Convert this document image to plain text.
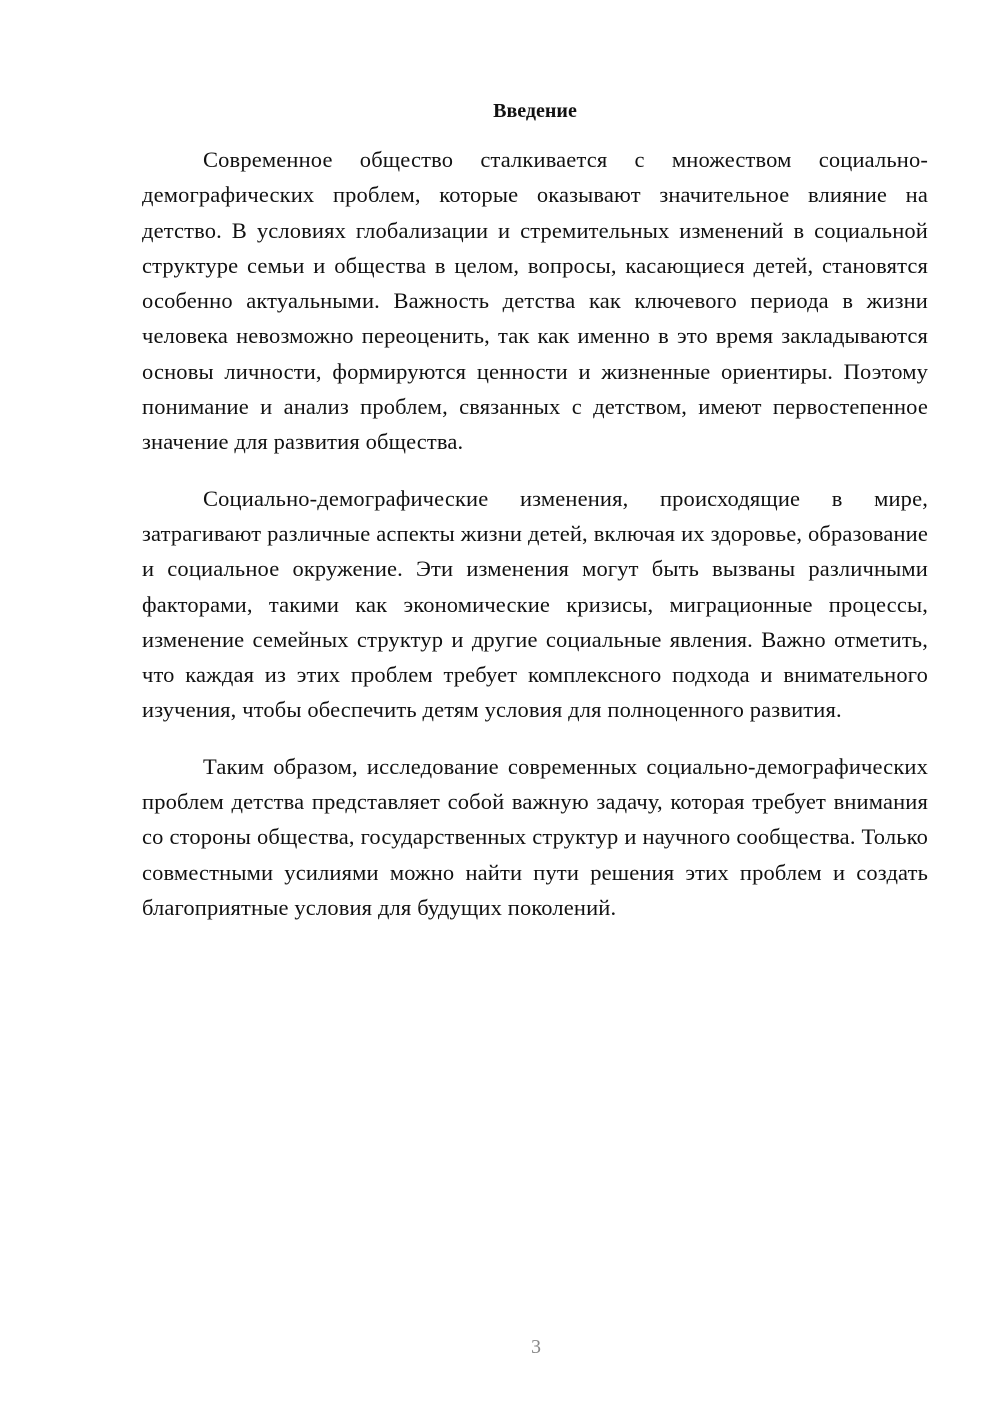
Введение

Современное общество сталкивается с множеством социально-демографических проблем, которые оказывают значительное влияние на детство. В условиях глобализации и стремительных изменений в социальной структуре семьи и общества в целом, вопросы, касающиеся детей, становятся особенно актуальными. Важность детства как ключевого периода в жизни человека невозможно переоценить, так как именно в это время закладываются основы личности, формируются ценности и жизненные ориентиры. Поэтому понимание и анализ проблем, связанных с детством, имеют первостепенное значение для развития общества.

Социально-демографические изменения, происходящие в мире, затрагивают различные аспекты жизни детей, включая их здоровье, образование и социальное окружение. Эти изменения могут быть вызваны различными факторами, такими как экономические кризисы, миграционные процессы, изменение семейных структур и другие социальные явления. Важно отметить, что каждая из этих проблем требует комплексного подхода и внимательного изучения, чтобы обеспечить детям условия для полноценного развития.

Таким образом, исследование современных социально-демографических проблем детства представляет собой важную задачу, которая требует внимания со стороны общества, государственных структур и научного сообщества. Только совместными усилиями можно найти пути решения этих проблем и создать благоприятные условия для будущих поколений.

3
